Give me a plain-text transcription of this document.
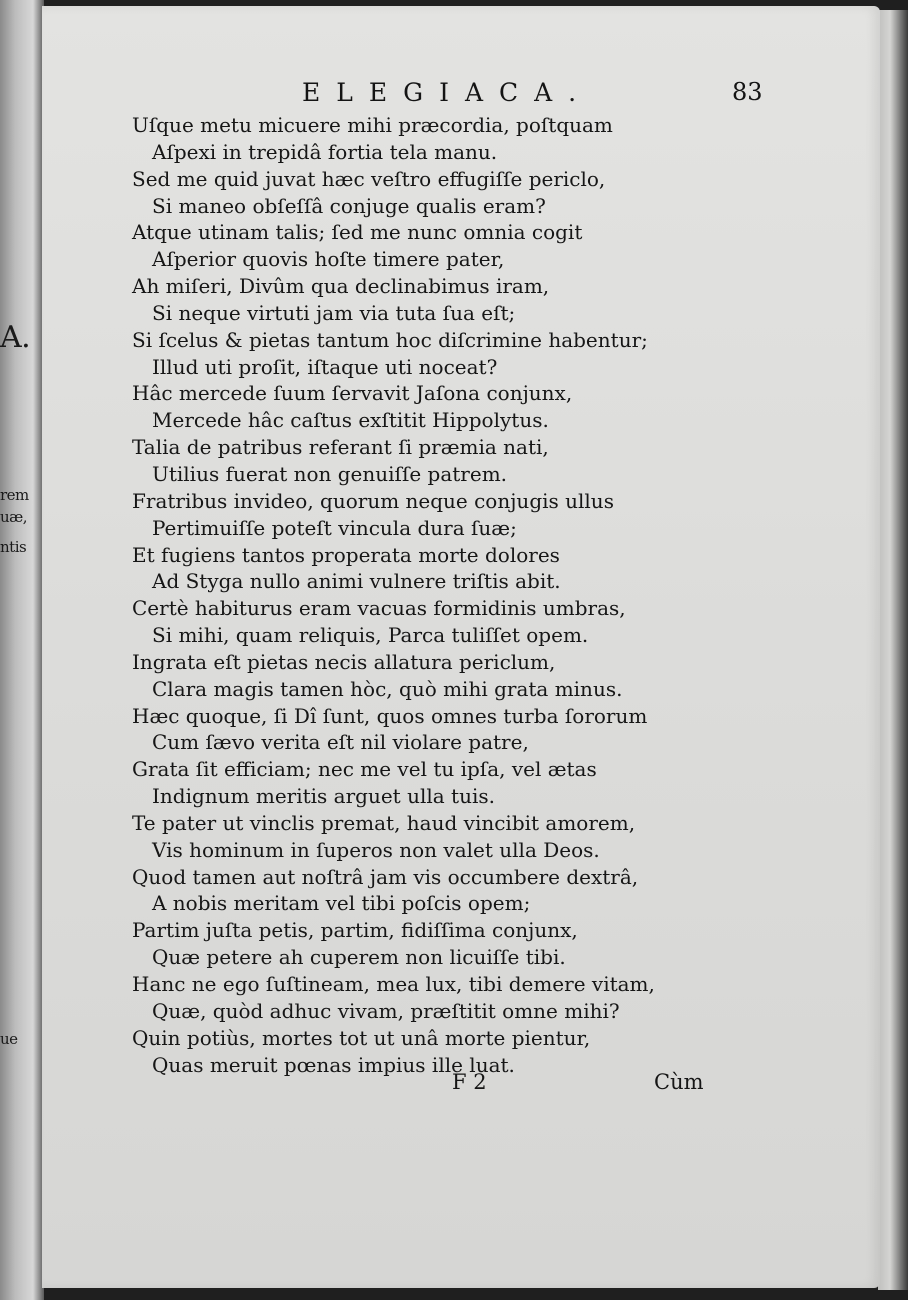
ELEGIACA.	83
Uſque metu micuere mihi præcordia, poſtquam
Aſpexi in trepidâ fortia tela manu.
Sed me quid juvat hæc veſtro effugiſſe periclo,
Si maneo obſeſſâ conjuge qualis eram?
Atque utinam talis; ſed me nunc omnia cogit
Aſperior quovis hoſte timere pater,
Ah miſeri, Divûm qua declinabimus iram,
Si neque virtuti jam via tuta ſua eſt;
Si ſcelus & pietas tantum hoc diſcrimine habentur;
Illud uti proſit, iſtaque uti noceat?
Hâc mercede ſuum ſervavit Jaſona conjunx,
Mercede hâc caſtus exſtitit Hippolytus.
Talia de patribus referant ſi præmia nati,
Utilius fuerat non genuiſſe patrem.
Fratribus invideo, quorum neque conjugis ullus
Pertimuiſſe poteſt vincula dura ſuæ;
Et fugiens tantos properata morte dolores
Ad Styga nullo animi vulnere triſtis abit.
Certè habiturus eram vacuas formidinis umbras,
Si mihi, quam reliquis, Parca tuliſſet opem.
Ingrata eſt pietas necis allatura periclum,
Clara magis tamen hòc, quò mihi grata minus.
Hæc quoque, ſi Dî ſunt, quos omnes turba ſororum
Cum ſævo verita eſt nil violare patre,
Grata ſit efficiam; nec me vel tu ipſa, vel ætas
Indignum meritis arguet ulla tuis.
Te pater ut vinclis premat, haud vincibit amorem,
Vis hominum in ſuperos non valet ulla Deos.
Quod tamen aut noſtrâ jam vis occumbere dextrâ,
A nobis meritam vel tibi poſcis opem;
Partim juſta petis, partim, fidiſſima conjunx,
Quæ petere ah cuperem non licuiſſe tibi.
Hanc ne ego ſuſtineam, mea lux, tibi demere vitam,
Quæ, quòd adhuc vivam, præſtitit omne mihi?
Quin potiùs, mortes tot ut unâ morte pientur,
Quas meruit pœnas impius ille luat.
F 2	Cùm
A.
rem
uæ,
ntis
ue
